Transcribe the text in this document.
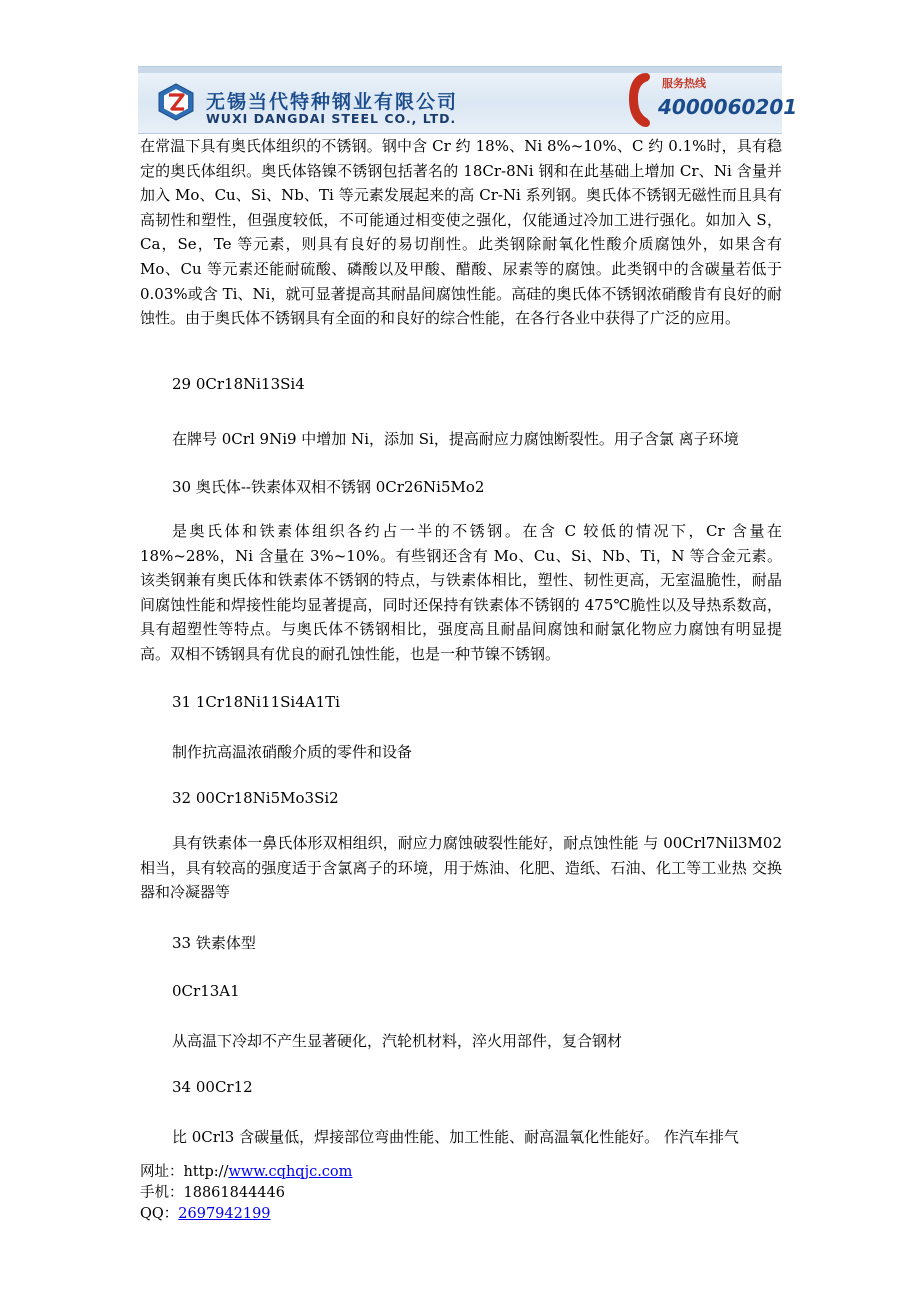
无锡当代特种钢业有限公司
WUXI DANGDAI STEEL CO., LTD.
服务热线
4000060201

在常温下具有奥氏体组织的不锈钢。钢中含 Cr 约 18%、Ni 8%~10%、C 约 0.1%时，具有稳定的奥氏体组织。奥氏体铬镍不锈钢包括著名的 18Cr-8Ni 钢和在此基础上增加 Cr、Ni 含量并加入 Mo、Cu、Si、Nb、Ti 等元素发展起来的高 Cr-Ni 系列钢。奥氏体不锈钢无磁性而且具有高韧性和塑性，但强度较低，不可能通过相变使之强化，仅能通过冷加工进行强化。如加入 S，Ca，Se，Te 等元素，则具有良好的易切削性。此类钢除耐氧化性酸介质腐蚀外，如果含有 Mo、Cu 等元素还能耐硫酸、磷酸以及甲酸、醋酸、尿素等的腐蚀。此类钢中的含碳量若低于 0.03%或含 Ti、Ni，就可显著提高其耐晶间腐蚀性能。高硅的奥氏体不锈钢浓硝酸肯有良好的耐蚀性。由于奥氏体不锈钢具有全面的和良好的综合性能，在各行各业中获得了广泛的应用。

29 0Cr18Ni13Si4

在牌号 0Crl 9Ni9 中增加 Ni，添加 Si，提高耐应力腐蚀断裂性。用子含氯 离子环境

30 奥氏体--铁素体双相不锈钢 0Cr26Ni5Mo2

是奥氏体和铁素体组织各约占一半的不锈钢。在含 C 较低的情况下，Cr 含量在 18%~28%，Ni 含量在 3%~10%。有些钢还含有 Mo、Cu、Si、Nb、Ti，N 等合金元素。该类钢兼有奥氏体和铁素体不锈钢的特点，与铁素体相比，塑性、韧性更高，无室温脆性，耐晶间腐蚀性能和焊接性能均显著提高，同时还保持有铁素体不锈钢的 475℃脆性以及导热系数高，具有超塑性等特点。与奥氏体不锈钢相比，强度高且耐晶间腐蚀和耐氯化物应力腐蚀有明显提高。双相不锈钢具有优良的耐孔蚀性能，也是一种节镍不锈钢。

31 1Cr18Ni11Si4A1Ti

制作抗高温浓硝酸介质的零件和设备

32 00Cr18Ni5Mo3Si2

具有铁素体一鼻氏体形双相组织，耐应力腐蚀破裂性能好，耐点蚀性能 与 00Crl7Nil3M02 相当，具有较高的强度适于含氯离子的环境，用于炼油、化肥、造纸、石油、化工等工业热 交换器和冷凝器等

33 铁素体型

0Cr13A1

从高温下冷却不产生显著硬化，汽轮机材料，淬火用部件，复合钢材

34 00Cr12

比 0Crl3 含碳量低，焊接部位弯曲性能、加工性能、耐高温氧化性能好。 作汽车排气

网址：http://www.cqhqjc.com
手机：18861844446
QQ：2697942199
